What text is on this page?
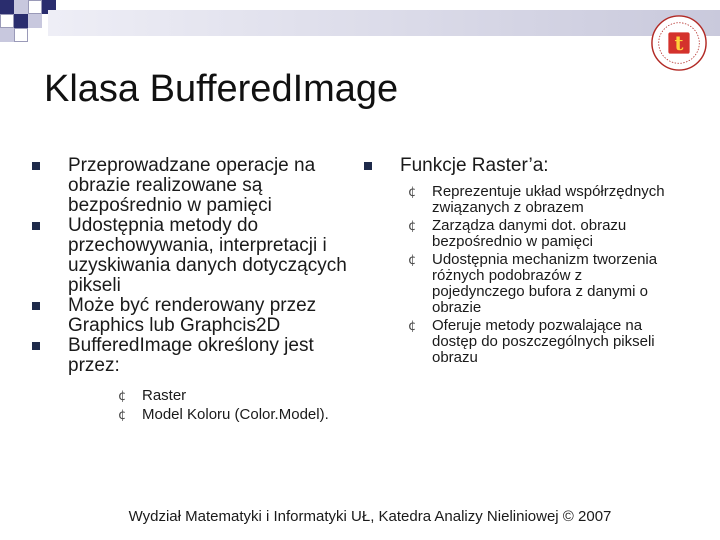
t
Klasa BufferedImage
Przeprowadzane operacje na obrazie realizowane są bezpośrednio w pamięci
Udostępnia metody do przechowywania, interpretacji i uzyskiwania danych dotyczących pikseli
Może być renderowany przez Graphics lub Graphcis2D
BufferedImage określony jest przez:
¢ Raster
¢ Model Koloru (Color.Model).
Funkcje Raster’a:
¢ Reprezentuje układ współrzędnych związanych z obrazem
¢ Zarządza danymi dot. obrazu bezpośrednio w pamięci
¢ Udostępnia mechanizm tworzenia różnych podobrazów z pojedynczego bufora z danymi o obrazie
¢ Oferuje metody pozwalające na dostęp do poszczególnych pikseli obrazu
Wydział Matematyki i Informatyki UŁ, Katedra Analizy Nieliniowej © 2007
